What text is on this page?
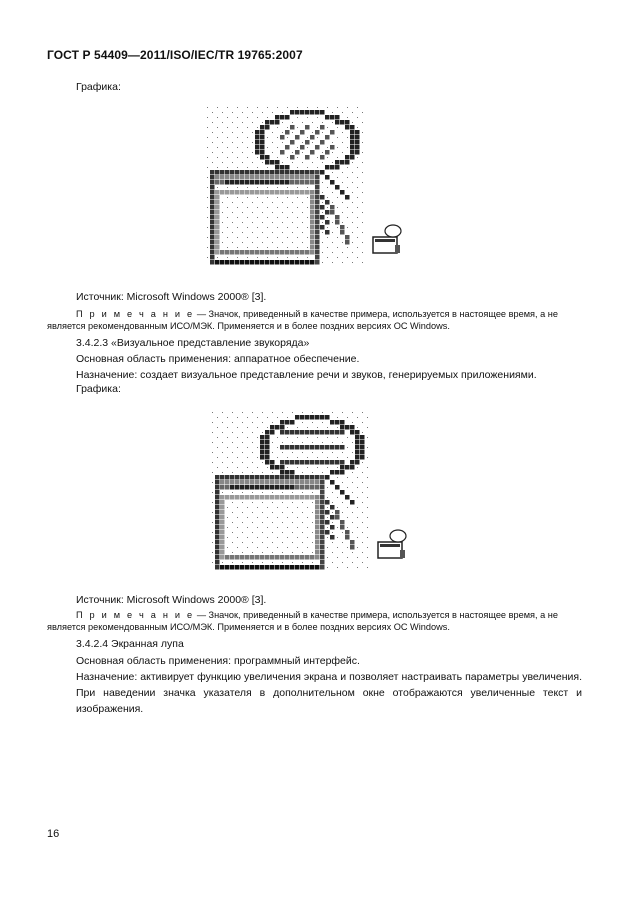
ГОСТ Р 54409—2011/ISO/IEC/TR 19765:2007
Графика:
Источник: Microsoft Windows 2000® [3].
П р и м е ч а н и е — Значок, приведенный в качестве примера, используется в настоящее время, а не
является рекомендованным ИСО/МЭК. Применяется и в более поздних версиях ОС Windows.
3.4.2.3 «Визуальное представление звукоряда»
Основная область применения: аппаратное обеспечение.
Назначение: создает визуальное представление речи и звуков, генерируемых приложениями.
Графика:
Источник: Microsoft Windows 2000® [3].
П р и м е ч а н и е — Значок, приведенный в качестве примера, используется в настоящее время, а не
является рекомендованным ИСО/МЭК. Применяется и в более поздних версиях ОС Windows.
3.4.2.4 Экранная лупа
Основная область применения: программный интерфейс.
Назначение: активирует функцию увеличения экрана и позволяет настраивать параметры увеличения. При наведении значка указателя в дополнительном окне отображаются увеличенные текст и изображения.
16
